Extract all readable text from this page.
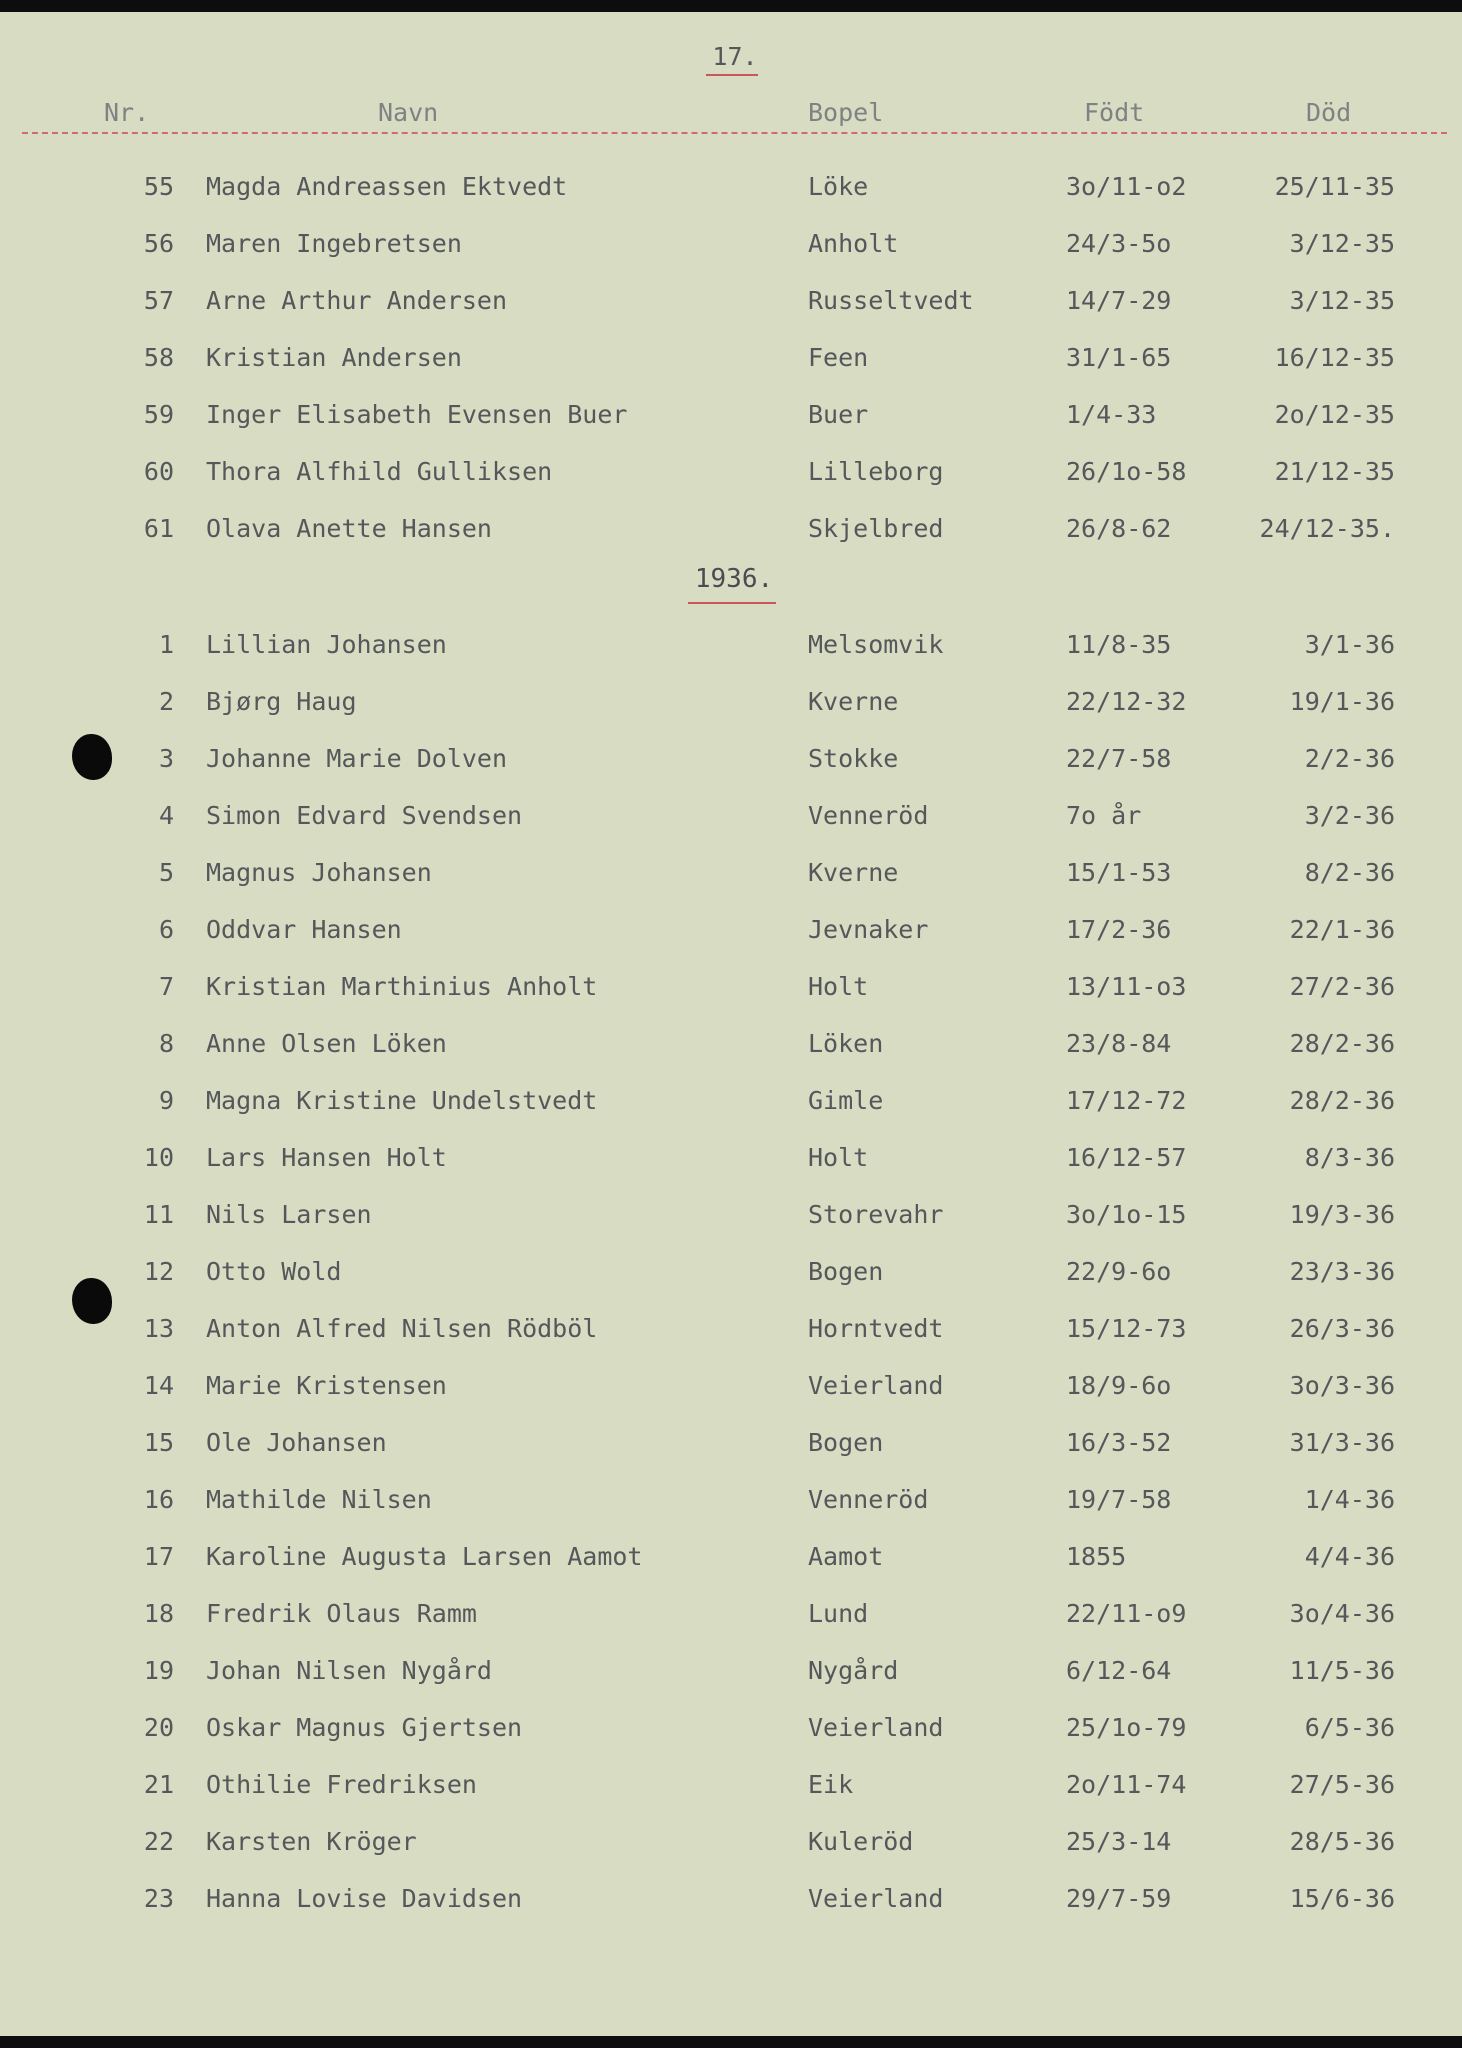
17.
Nr.	Navn	Bopel	Födt	Död
55 Magda Andreassen Ektvedt	Löke	3o/11-o2	25/11-35
56 Maren Ingebretsen	Anholt	24/3-5o	3/12-35
57 Arne Arthur Andersen	Russeltvedt	14/7-29	3/12-35
58 Kristian Andersen	Feen	31/1-65	16/12-35
59 Inger Elisabeth Evensen Buer	Buer	1/4-33	2o/12-35
60 Thora Alfhild Gulliksen	Lilleborg	26/1o-58	21/12-35
61 Olava Anette Hansen	Skjelbred	26/8-62	24/12-35.
1936.
1 Lillian Johansen	Melsomvik	11/8-35	3/1-36
2 Bjørg Haug	Kverne	22/12-32	19/1-36
3 Johanne Marie Dolven	Stokke	22/7-58	2/2-36
4 Simon Edvard Svendsen	Venneröd	7o år	3/2-36
5 Magnus Johansen	Kverne	15/1-53	8/2-36
6 Oddvar Hansen	Jevnaker	17/2-36	22/1-36
7 Kristian Marthinius Anholt	Holt	13/11-o3	27/2-36
8 Anne Olsen Löken	Löken	23/8-84	28/2-36
9 Magna Kristine Undelstvedt	Gimle	17/12-72	28/2-36
10 Lars Hansen Holt	Holt	16/12-57	8/3-36
11 Nils Larsen	Storevahr	3o/1o-15	19/3-36
12 Otto Wold	Bogen	22/9-6o	23/3-36
13 Anton Alfred Nilsen Rödböl	Horntvedt	15/12-73	26/3-36
14 Marie Kristensen	Veierland	18/9-6o	3o/3-36
15 Ole Johansen	Bogen	16/3-52	31/3-36
16 Mathilde Nilsen	Venneröd	19/7-58	1/4-36
17 Karoline Augusta Larsen Aamot	Aamot	1855	4/4-36
18 Fredrik Olaus Ramm	Lund	22/11-o9	3o/4-36
19 Johan Nilsen Nygård	Nygård	6/12-64	11/5-36
20 Oskar Magnus Gjertsen	Veierland	25/1o-79	6/5-36
21 Othilie Fredriksen	Eik	2o/11-74	27/5-36
22 Karsten Kröger	Kuleröd	25/3-14	28/5-36
23 Hanna Lovise Davidsen	Veierland	29/7-59	15/6-36
